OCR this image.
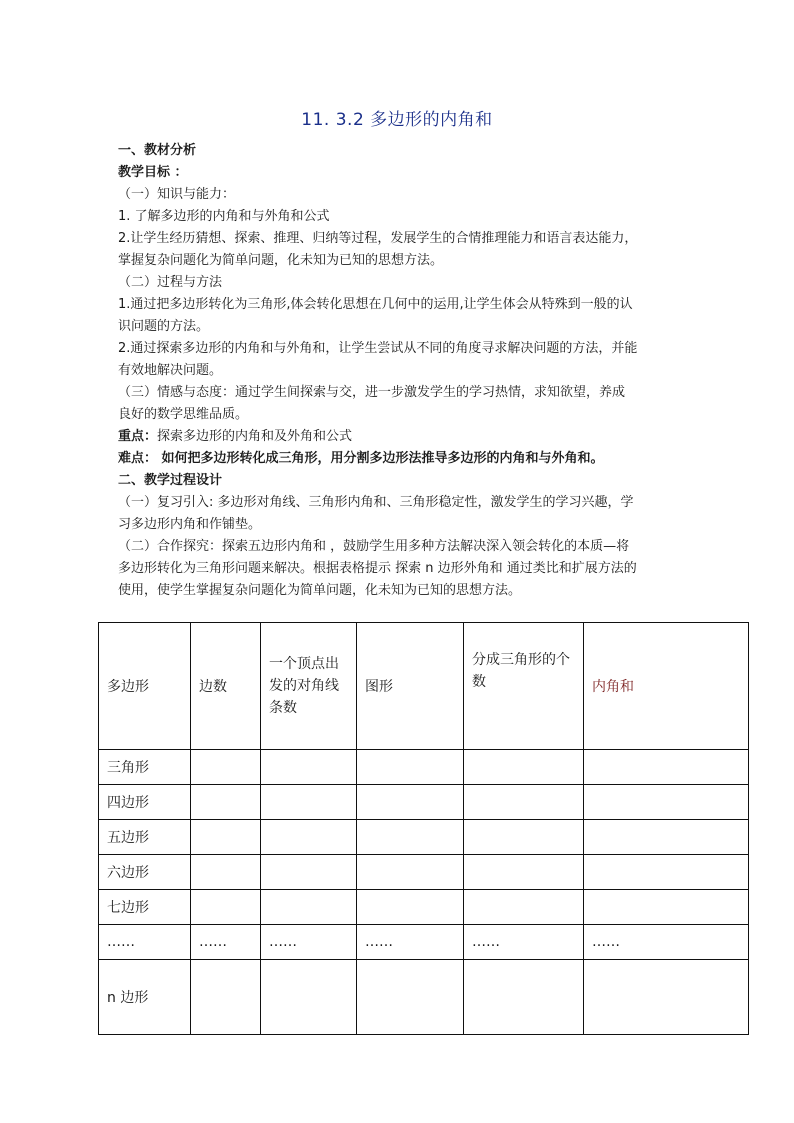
11. 3.2 多边形的内角和
一、教材分析
教学目标 ：
（一）知识与能力：
1. 了解多边形的内角和与外角和公式
2.让学生经历猜想、探索、推理、归纳等过程，发展学生的合情推理能力和语言表达能力，
掌握复杂问题化为简单问题，化未知为已知的思想方法。
（二）过程与方法
1.通过把多边形转化为三角形,体会转化思想在几何中的运用,让学生体会从特殊到一般的认
识问题的方法。
2.通过探索多边形的内角和与外角和，让学生尝试从不同的角度寻求解决问题的方法，并能
有效地解决问题。
（三）情感与态度：通过学生间探索与交，进一步激发学生的学习热情，求知欲望，养成
良好的数学思维品质。
重点：探索多边形的内角和及外角和公式
难点： 如何把多边形转化成三角形，用分割多边形法推导多边形的内角和与外角和。
二、教学过程设计
（一）复习引入: 多边形对角线、三角形内角和、三角形稳定性，激发学生的学习兴趣，学
习多边形内角和作铺垫。
（二）合作探究：探索五边形内角和 ，鼓励学生用多种方法解决深入领会转化的本质—将
多边形转化为三角形问题来解决。根据表格提示 探索 n 边形外角和 通过类比和扩展方法的
使用，使学生掌握复杂问题化为简单问题，化未知为已知的思想方法。
多边形	边数	一个顶点出发的对角线条数	图形	分成三角形的个数	内角和
三角形					
四边形					
五边形					
六边形					
七边形					
……	……	……	……	……	……
n 边形					
